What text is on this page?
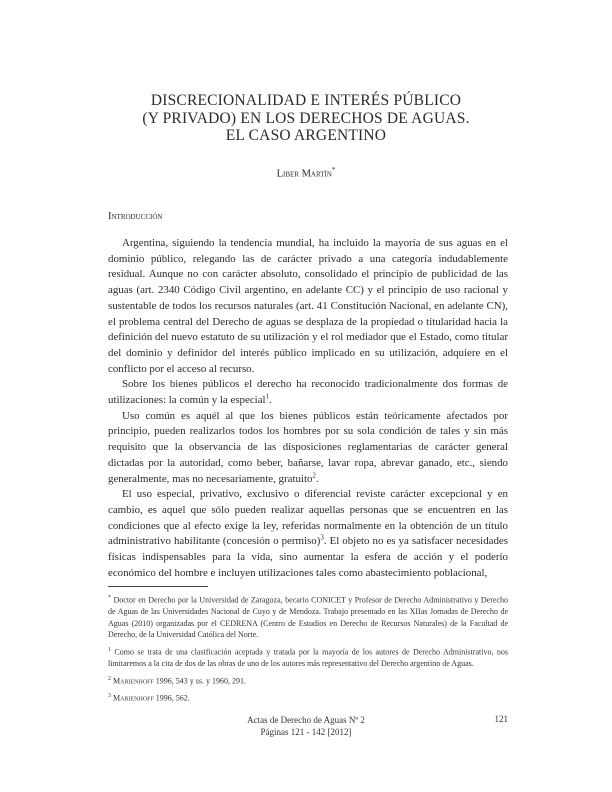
DISCRECIONALIDAD E INTERÉS PÚBLICO
(Y PRIVADO) EN LOS DERECHOS DE AGUAS.
EL CASO ARGENTINO
Liber Martín*
Introducción

Argentina, siguiendo la tendencia mundial, ha incluido la mayoría de sus aguas en el dominio público, relegando las de carácter privado a una categoría indudablemente residual. Aunque no con carácter absoluto, consolidado el principio de publicidad de las aguas (art. 2340 Código Civil argentino, en adelante CC) y el principio de uso racional y sustentable de todos los recursos naturales (art. 41 Constitución Nacional, en adelante CN), el problema central del Derecho de aguas se desplaza de la propiedad o titularidad hacia la definición del nuevo estatuto de su utilización y el rol mediador que el Estado, como titular del dominio y definidor del interés público implicado en su utilización, adquiere en el conflicto por el acceso al recurso.

Sobre los bienes públicos el derecho ha reconocido tradicionalmente dos formas de utilizaciones: la común y la especial$^1$.

Uso común es aquél al que los bienes públicos están teóricamente afectados por principio, pueden realizarlos todos los hombres por su sola condición de tales y sin más requisito que la observancia de las disposiciones reglamentarias de carácter general dictadas por la autoridad, como beber, bañarse, lavar ropa, abrevar ganado, etc., siendo generalmente, mas no necesariamente, gratuito$^2$.

El uso especial, privativo, exclusivo o diferencial reviste carácter excepcional y en cambio, es aquel que sólo pueden realizar aquellas personas que se encuentren en las condiciones que al efecto exige la ley, referidas normalmente en la obtención de un título administrativo habilitante (concesión o permiso)$^3$. El objeto no es ya satisfacer necesidades físicas indispensables para la vida, sino aumentar la esfera de acción y el poderío económico del hombre e incluyen utilizaciones tales como abastecimiento poblacional,

* Doctor en Derecho por la Universidad de Zaragoza, becario CONICET y Profesor de Derecho Administrativo y Derecho de Aguas de las Universidades Nacional de Cuyo y de Mendoza. Trabajo presentado en las XIIas Jornadas de Derecho de Aguas (2010) organizadas por el CEDRENA (Centro de Estudios en Derecho de Recursos Naturales) de la Facultad de Derecho, de la Universidad Católica del Norte.

$^1$ Como se trata de una clasificación aceptada y tratada por la mayoría de los autores de Derecho Administrativo, nos limitaremos a la cita de dos de las obras de uno de los autores más representativo del Derecho argentino de Aguas.

$^2$ Marienhoff 1996, 543 y ss. y 1960, 291.

$^3$ Marienhoff 1996, 562.

Actas de Derecho de Aguas Nº 2
Páginas 121 - 142 [2012]
121
